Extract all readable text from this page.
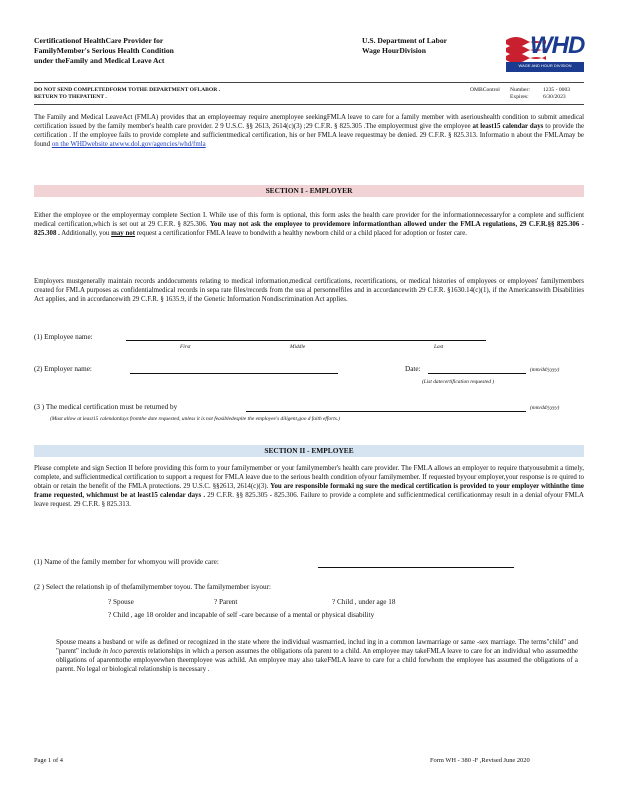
Certificationof HealthCare Provider for
FamilyMember's Serious Health Condition
under theFamily and Medical Leave Act
U.S. Department of Labor
Wage HourDivision	WHD
WAGE AND HOUR DIVISION
DO NOT SEND COMPLETEDFORM TOTHE DEPARTMENT OFLABOR .
RETURN TO THEPATIENT .
OMBControl Number: 1235 - 0003
Expires:	6/30/2023
The Family and Medical LeaveAct (FMLA) provides that an employeemay require anemployee seekingFMLA leave to care for a family member with aserioushealth condition to submit amedical certification issued by the family member's health care provider. 2 9 U.S.C. §§ 2613, 2614(c)(3) ;29 C.F.R. § 825.305 .The employermust give the employee at least15 calendar days to provide the certification . If the employee fails to provide complete and sufficientmedical certification, his or her FMLA leave requestmay be denied. 29 C.F.R. § 825.313. Informatio n about the FMLAmay be found on the WHDwebsite atwww.dol.gov/agencies/whd/fmla
SECTION I - EMPLOYER
Either the employee or the employermay complete Section I. While use of this form is optional, this form asks the health care provider for the informationnecessaryfor a complete and sufficient medical certification,which is set out at 29 C.F.R. § 825.306. You may not ask the employee to providemore informationthan allowed under the FMLA regulations, 29 C.F.R.§§ 825.306 - 825.308 . Additionally, you may not request a certificationfor FMLA leave to bondwith a healthy newborn child or a child placed for adoption or foster care.
Employers mustgenerally maintain records anddocuments relating to medical information,medical certifications, recertifications, or medical histories of employees or employees' familymembers created for FMLA purposes as confidentialmedical records in sepa rate files/records from the usu al personnelfiles and in accordancewith 29 C.F.R. §1630.14(c)(1), if the Americanswith Disabilities Act applies, and in accordancewith 29 C.F.R. § 1635.9, if the Genetic Information Nondiscrimination Act applies.
(1) Employee name:
First	Middle	Last
(2) Employer name:	Date:	(mm/dd/yyyy)
(List datecertification requested )
(3 ) The medical certification must be returned by	(mm/dd/yyyy)
(Must allow at least15 calendardays fromthe date requested, unless it is not feasibledespite the employee's diligent,goo d faith efforts.)
SECTION II - EMPLOYEE
Please complete and sign Section II before providing this form to your familymember or your familymember's health care provider. The FMLA allows an employer to require thatyousubmit a timely, complete, and sufficientmedical certification to support a request for FMLA leave due to the serious health condition ofyour familymember. If requested byyour employer,your response is re quired to obtain or retain the benefit of the FMLA protections. 29 U.S.C. §§2613, 2614(c)(3). You are responsible formaki ng sure the medical certification is provided to your employer withinthe time frame requested, whichmust be at least15 calendar days . 29 C.F.R. §§ 825.305 - 825.306. Failure to provide a complete and sufficientmedical certificationmay result in a denial ofyour FMLA leave request. 29 C.F.R. § 825.313.
(1) Name of the family member for whomyou will provide care:
(2 ) Select the relationsh ip of thefamilymember toyou. The familymember isyour:
? Spouse	? Parent	? Child , under age 18
? Child , age 18 orolder and incapable of self -care because of a mental or physical disability
Spouse means a husband or wife as defined or recognized in the state where the individual wasmarried, includ ing in a common lawmarriage or same -sex marriage. The terms"child" and "parent" include in loco parentis relationships in which a person assumes the obligations ofa parent to a child. An employee may takeFMLA leave to care for an individual who assumedthe obligations of aparenttothe employeewhen theemployee was achild. An employee may also takeFMLA leave to care for a child forwhom the employee has assumed the obligations of a parent. No legal or biological relationship is necessary .
Page 1 of 4	Form WH - 380 -F ,Revised June 2020
